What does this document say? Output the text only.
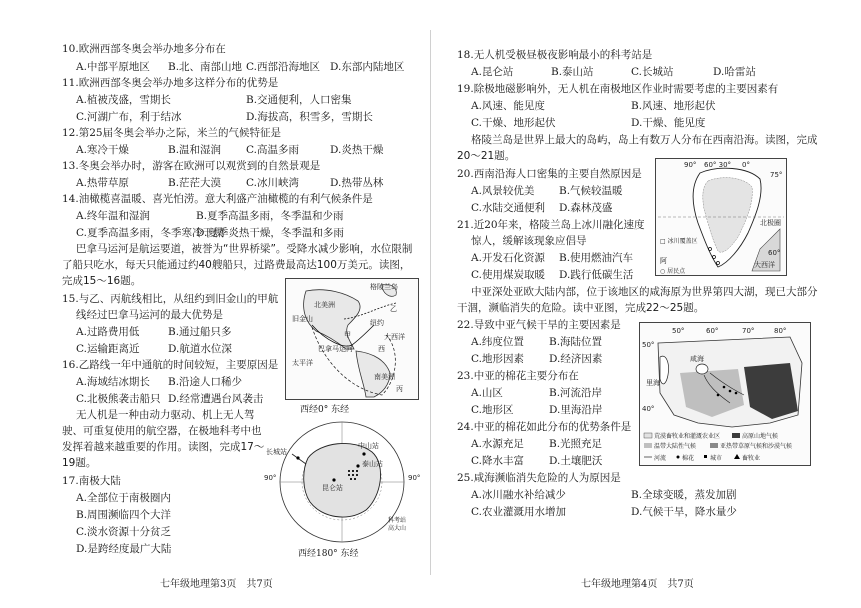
10.欧洲西部冬奥会举办地多分布在
A.中部平原地区 B.北、南部山地 C.西部沿海地区 D.东部内陆地区
11.欧洲西部冬奥会举办地多这样分布的优势是
A.植被茂盛，雪期长	B.交通便利，人口密集
C.河湖广布，利于结冰	D.海拔高，积雪多，雪期长
12.第25届冬奥会举办之际，米兰的气候特征是
A.寒冷干燥	B.温和湿润 C.高温多雨	D.炎热干燥
13.冬奥会举办时，游客在欧洲可以观赏到的自然景观是
A.热带草原	B.茫茫大漠 C.冰川峡湾	D.热带丛林
14.油橄榄喜温暖、喜光怕涝。意大利盛产油橄榄的有利气候条件是
A.终年温和湿润	B.夏季高温多雨，冬季温和少雨
C.夏季高温多雨，冬季寒冷干燥
D.夏季炎热干燥，冬季温和多雨
巴拿马运河是航运要道，被誉为“世界桥梁”。受降水减少影响，水位限制
了船只吃水，每天只能通过约40艘船只，过路费最高达100万美元。读图，
完成15～16题。
15.与乙、丙航线相比，从纽约到旧金山的甲航
线经过巴拿马运河的最大优势是
A.过路费用低	B.通过船只多
C.运输距离近	D.航道水位深
16.乙路线一年中通航的时间较短，主要原因是
A.海域结冰期长 B.沿途人口稀少
C.北极熊袭击船只 D.经常遭遇台风袭击
无人机是一种由动力驱动、机上无人驾
驶、可重复使用的航空器，在极地科考中也
发挥着越来越重要的作用。读图，完成17～
19题。
17.南极大陆
A.全部位于南极圈内
B.周围濒临四个大洋
C.淡水资源十分贫乏
D.是跨经度最广大陆
七年级地理第3页　共7页
格陵兰岛
北美洲	乙
纽约
大西洋
甲
西
旧金山
巴拿马运河
太平洋
南美洲
丙
西经0° 东经
长城站
中山站
泰山站
昆仑站
90°	90°
科考站
高大山
西经180° 东经
18.无人机受极昼极夜影响最小的科考站是
A.昆仑站	B.泰山站	C.长城站	D.哈雷站
19.除极地磁影响外，无人机在南极地区作业时需要考虑的主要因素有
A.风速、能见度	B.风速、地形起伏
C.干燥、地形起伏	D.干燥、能见度
格陵兰岛是世界上最大的岛屿，岛上有数万人分布在西南沿海。读图，完成
20～21题。
20.西南沿海人口密集的主要自然原因是
A.风景较优美 B.气候较温暖
C.水陆交通便利 D.森林茂盛
21.近20年来，格陵兰岛上冰川融化速度
惊人，缓解该现象应倡导
A.开发石化资源 B.使用燃油汽车
C.使用煤炭取暖 D.践行低碳生活
中亚深处亚欧大陆内部，位于该地区的咸海原为世界第四大湖，现已大部分
干涸，濒临消失的危险。读中亚图，完成22～25题。
22.导致中亚气候干旱的主要因素是
A.纬度位置 B.海陆位置
C.地形因素 D.经济因素
23.中亚的棉花主要分布在
A.山区	B.河流沿岸
C.地形区	D.里海沿岸
24.中亚的棉花如此分布的优势条件是
A.水源充足 B.光照充足
C.降水丰富 D.土壤肥沃
25.咸海濒临消失危险的人为原因是
A.冰川融水补给减少	B.全球变暖，蒸发加剧
C.农业灌溉用水增加	D.气候干旱，降水量少
七年级地理第4页　共7页
90° 60° 30° 0°
75°
北极圈
大西洋
60°
阿
□ 冰川覆盖区
○ 居民点
50°	60°	70°	80°
50°
40°
咸海
里海
荒漠畜牧业和灌溉农业区	高原山地气候
温带大陆性气候	亚热带草原气候和沙漠气候
河流	棉花	城市	畜牧业
